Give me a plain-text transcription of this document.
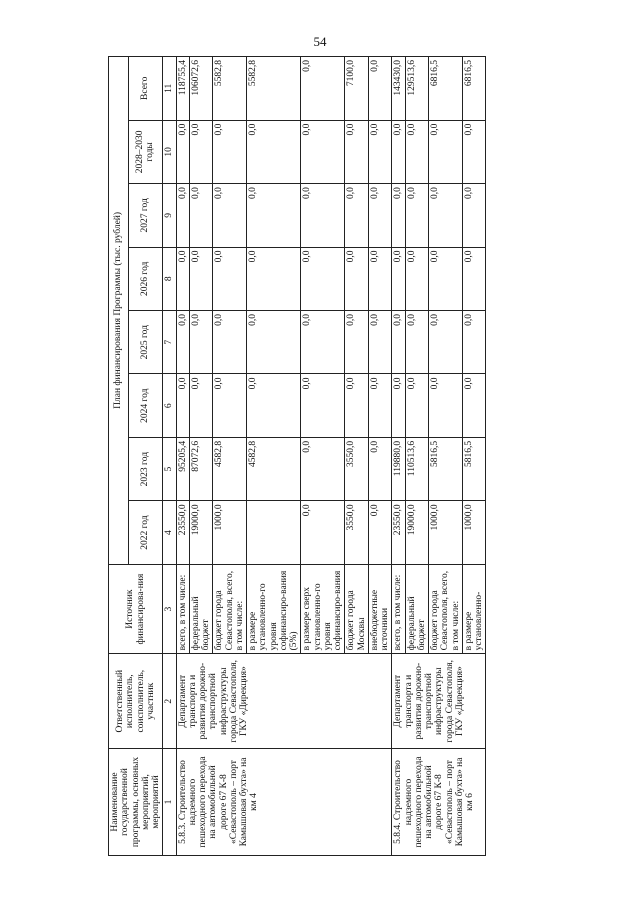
54
Наименование государственной программы, основных мероприятий, мероприятий	Ответственный исполнитель, соисполнитель, участник	Источник финансирова-ния	План финансирования Программы (тыс. рублей)							
			2022 год	2023 год	2024 год	2025 год	2026 год	2027 год	2028–2030 годы	Всего
1	2	3	4	5	6	7	8	9	10	11
5.8.3. Строительство надземного пешеходного перехода на автомобильной дороге 67 К-8 «Севастополь – порт Камышовая бухта» на км 4	Департамент транспорта и развития дорожно-транспортной инфраструктуры города Севастополя, ГКУ «Дирекция»	всего, в том числе:	23550,0	95205,4	0,0	0,0	0,0	0,0	0,0	118755,4
		федеральный бюджет	19000,0	87072,6	0,0	0,0	0,0	0,0	0,0	106072,6
		бюджет города Севастополя, всего, в том числе:	1000,0	4582,8	0,0	0,0	0,0	0,0	0,0	5582,8
		в размере установленно-го уровня софинансиро-вания (5%)		4582,8	0,0	0,0	0,0	0,0	0,0	5582,8
		в размере сверх установленно-го уровня софинансиро-вания	0,0	0,0	0,0	0,0	0,0	0,0	0,0	0,0
		бюджет города Москвы	3550,0	3550,0	0,0	0,0	0,0	0,0	0,0	7100,0
		внебюджетные источники	0,0	0,0	0,0	0,0	0,0	0,0	0,0	0,0
5.8.4. Строительство надземного пешеходного перехода на автомобильной дороге 67 К-8 «Севастополь – порт Камышовая бухта» на км 6	Департамент транспорта и развития дорожно-транспортной инфраструктуры города Севастополя, ГКУ «Дирекция»	всего, в том числе:	23550,0	119880,0	0,0	0,0	0,0	0,0	0,0	143430,0
		федеральный бюджет	19000,0	110513,6	0,0	0,0	0,0	0,0	0,0	129513,6
		бюджет города Севастополя, всего, в том числе:	1000,0	5816,5	0,0	0,0	0,0	0,0	0,0	6816,5
		в размере установленно-	1000,0	5816,5	0,0	0,0	0,0	0,0	0,0	6816,5
